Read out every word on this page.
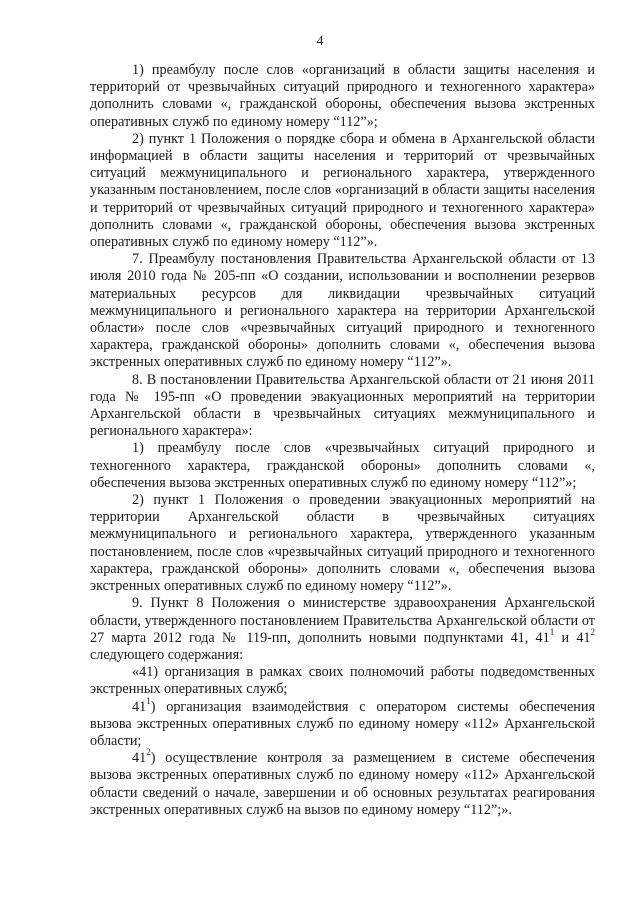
4

1) преамбулу после слов «организаций в области защиты населения и территорий от чрезвычайных ситуаций природного и техногенного характера» дополнить словами «, гражданской обороны, обеспечения вызова экстренных оперативных служб по единому номеру “112”»;

2) пункт 1 Положения о порядке сбора и обмена в Архангельской области информацией в области защиты населения и территорий от чрезвычайных ситуаций межмуниципального и регионального характера, утвержденного указанным постановлением, после слов «организаций в области защиты населения и территорий от чрезвычайных ситуаций природного и техногенного характера» дополнить словами «, гражданской обороны, обеспечения вызова экстренных оперативных служб по единому номеру “112”».

7. Преамбулу постановления Правительства Архангельской области от 13 июля 2010 года № 205-пп «О создании, использовании и восполнении резервов материальных ресурсов для ликвидации чрезвычайных ситуаций межмуниципального и регионального характера на территории Архангельской области» после слов «чрезвычайных ситуаций природного и техногенного характера, гражданской обороны» дополнить словами «, обеспечения вызова экстренных оперативных служб по единому номеру “112”».

8. В постановлении Правительства Архангельской области от 21 июня 2011 года № 195-пп «О проведении эвакуационных мероприятий на территории Архангельской области в чрезвычайных ситуациях межмуниципального и регионального характера»:

1) преамбулу после слов «чрезвычайных ситуаций природного и техногенного характера, гражданской обороны» дополнить словами «, обеспечения вызова экстренных оперативных служб по единому номеру “112”»;

2) пункт 1 Положения о проведении эвакуационных мероприятий на территории Архангельской области в чрезвычайных ситуациях межмуниципального и регионального характера, утвержденного указанным постановлением, после слов «чрезвычайных ситуаций природного и техногенного характера, гражданской обороны» дополнить словами «, обеспечения вызова экстренных оперативных служб по единому номеру “112”».

9. Пункт 8 Положения о министерстве здравоохранения Архангельской области, утвержденного постановлением Правительства Архангельской области от 27 марта 2012 года № 119-пп, дополнить новыми подпунктами 41, $41^1$ и $41^2$ следующего содержания:

«41) организация в рамках своих полномочий работы подведомственных экстренных оперативных служб;

$41^1$) организация взаимодействия с оператором системы обеспечения вызова экстренных оперативных служб по единому номеру «112» Архангельской области;

$41^2$) осуществление контроля за размещением в системе обеспечения вызова экстренных оперативных служб по единому номеру «112» Архангельской области сведений о начале, завершении и об основных результатах реагирования экстренных оперативных служб на вызов по единому номеру “112”;».
